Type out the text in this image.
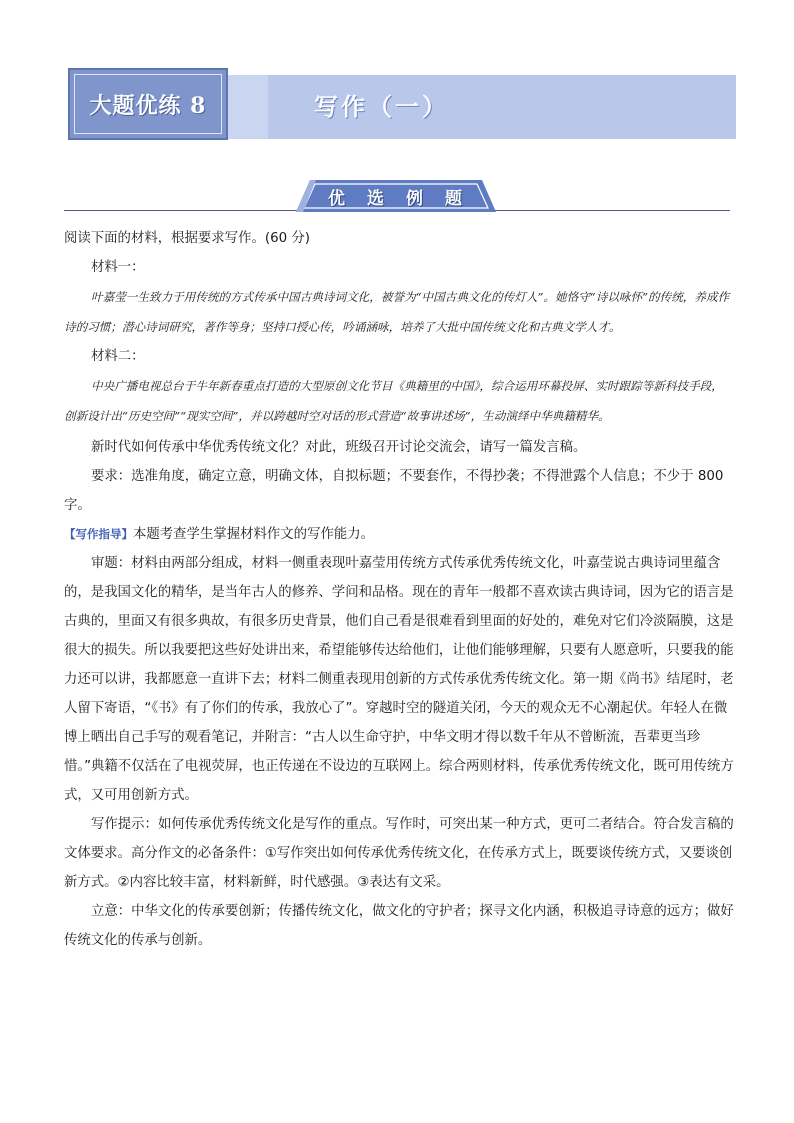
大题优练 8	写作（一）
优 选 例 题

阅读下面的材料，根据要求写作。(60 分)

材料一：

叶嘉莹一生致力于用传统的方式传承中国古典诗词文化，被誉为“中国古典文化的传灯人”。她恪守“诗以咏怀”的传统，养成作诗的习惯；潜心诗词研究，著作等身；坚持口授心传，吟诵涵咏，培养了大批中国传统文化和古典文学人才。

材料二：

中央广播电视总台于牛年新春重点打造的大型原创文化节目《典籍里的中国》，综合运用环幕投屏、实时跟踪等新科技手段，创新设计出“历史空间”“现实空间”，并以跨越时空对话的形式营造“故事讲述场”，生动演绎中华典籍精华。

新时代如何传承中华优秀传统文化？对此，班级召开讨论交流会，请写一篇发言稿。

要求：选准角度，确定立意，明确文体，自拟标题；不要套作，不得抄袭；不得泄露个人信息；不少于 800 字。

【写作指导】本题考查学生掌握材料作文的写作能力。

审题：材料由两部分组成，材料一侧重表现叶嘉莹用传统方式传承优秀传统文化，叶嘉莹说古典诗词里蕴含的，是我国文化的精华，是当年古人的修养、学问和品格。现在的青年一般都不喜欢读古典诗词，因为它的语言是古典的，里面又有很多典故，有很多历史背景，他们自己看是很难看到里面的好处的，难免对它们冷淡隔膜，这是很大的损失。所以我要把这些好处讲出来，希望能够传达给他们，让他们能够理解，只要有人愿意听，只要我的能力还可以讲，我都愿意一直讲下去；材料二侧重表现用创新的方式传承优秀传统文化。第一期《尚书》结尾时，老人留下寄语，“《书》有了你们的传承，我放心了”。穿越时空的隧道关闭，今天的观众无不心潮起伏。年轻人在微博上晒出自己手写的观看笔记，并附言：“古人以生命守护，中华文明才得以数千年从不曾断流，吾辈更当珍惜。”典籍不仅活在了电视荧屏，也正传递在不设边的互联网上。综合两则材料，传承优秀传统文化，既可用传统方式，又可用创新方式。

写作提示：如何传承优秀传统文化是写作的重点。写作时，可突出某一种方式，更可二者结合。符合发言稿的文体要求。高分作文的必备条件：①写作突出如何传承优秀传统文化，在传承方式上，既要谈传统方式，又要谈创新方式。②内容比较丰富，材料新鲜，时代感强。③表达有文采。

立意：中华文化的传承要创新；传播传统文化，做文化的守护者；探寻文化内涵，积极追寻诗意的远方；做好传统文化的传承与创新。
